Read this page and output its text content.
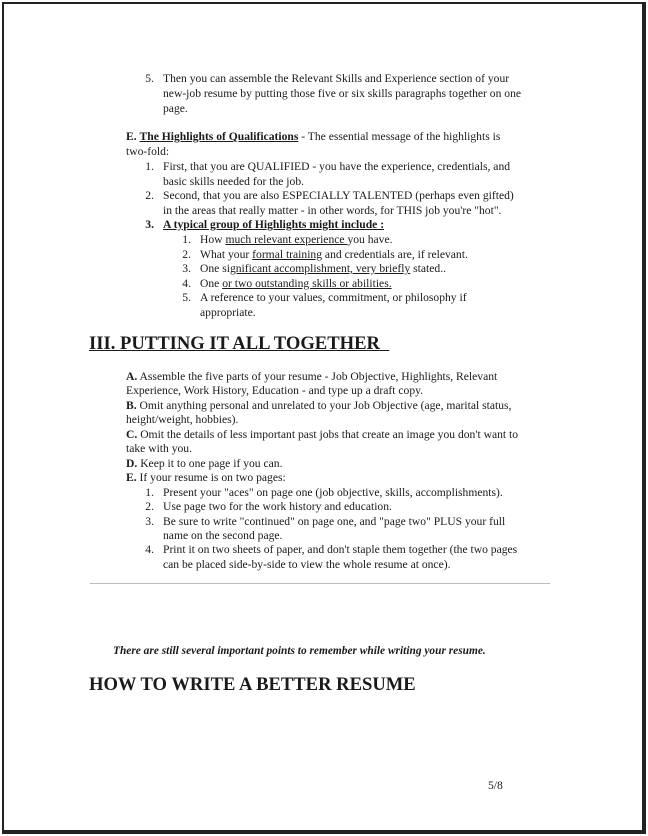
5. Then you can assemble the Relevant Skills and Experience section of your
new-job resume by putting those five or six skills paragraphs together on one
page.
E. The Highlights of Qualifications - The essential message of the highlights is
two-fold:
1. First, that you are QUALIFIED - you have the experience, credentials, and
basic skills needed for the job.
2. Second, that you are also ESPECIALLY TALENTED (perhaps even gifted)
in the areas that really matter - in other words, for THIS job you're "hot".
3. A typical group of Highlights might include :
1. How much relevant experience you have.
2. What your formal training and credentials are, if relevant.
3. One significant accomplishment, very briefly stated..
4. One or two outstanding skills or abilities.
5. A reference to your values, commitment, or philosophy if
appropriate.
III. PUTTING IT ALL TOGETHER
A. Assemble the five parts of your resume - Job Objective, Highlights, Relevant
Experience, Work History, Education - and type up a draft copy.
B. Omit anything personal and unrelated to your Job Objective (age, marital status,
height/weight, hobbies).
C. Omit the details of less important past jobs that create an image you don't want to
take with you.
D. Keep it to one page if you can.
E. If your resume is on two pages:
1. Present your "aces" on page one (job objective, skills, accomplishments).
2. Use page two for the work history and education.
3. Be sure to write "continued" on page one, and "page two" PLUS your full
name on the second page.
4. Print it on two sheets of paper, and don't staple them together (the two pages
can be placed side-by-side to view the whole resume at once).
There are still several important points to remember while writing your resume.
HOW TO WRITE A BETTER RESUME
5/8
